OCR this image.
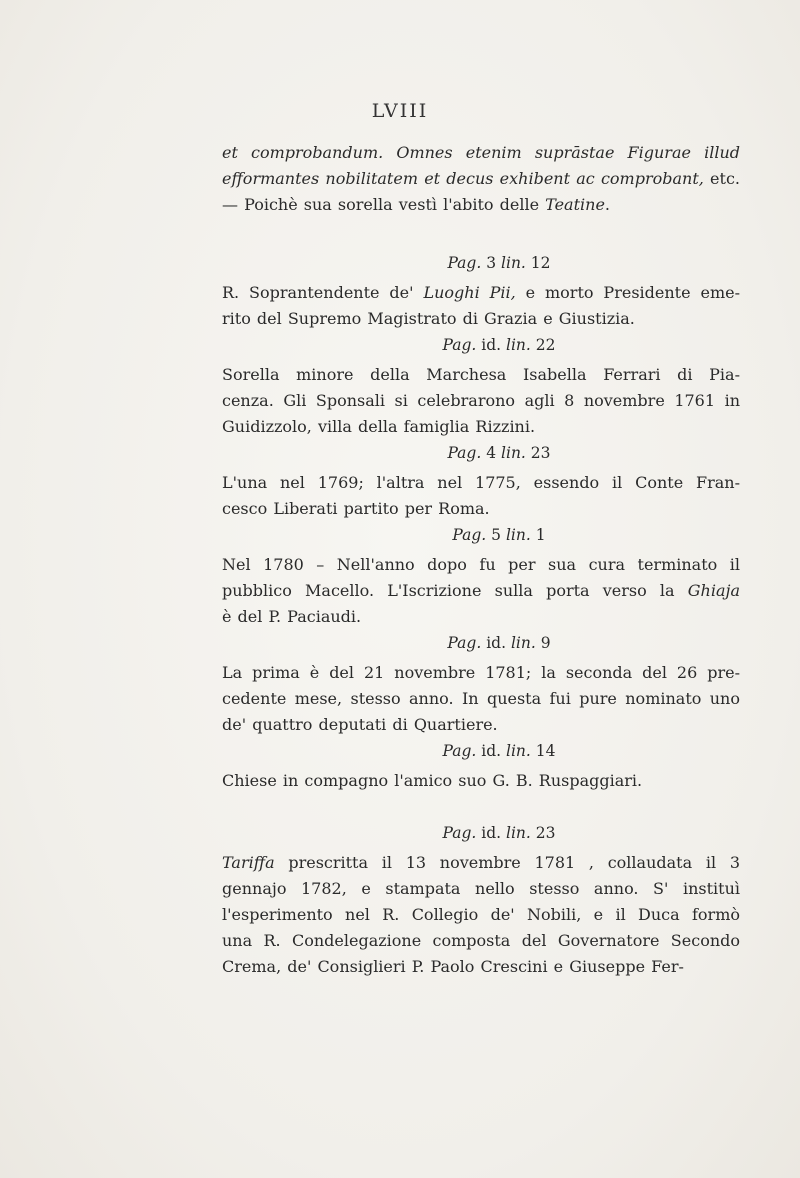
LVIII

et comprobandum. Omnes etenim suprāstae Figurae illud
efformantes nobilitatem et decus exhibent ac comprobant, etc.
— Poichè sua sorella vestì l'abito delle Teatine.

Pag. 3 lin. 12

R. Soprantendente de' Luoghi Pii, e morto Presidente eme-
rito del Supremo Magistrato di Grazia e Giustizia.

Pag. id. lin. 22

Sorella minore della Marchesa Isabella Ferrari di Pia-
cenza. Gli Sponsali si celebrarono agli 8 novembre 1761 in
Guidizzolo, villa della famiglia Rizzini.

Pag. 4 lin. 23

L'una nel 1769; l'altra nel 1775, essendo il Conte Fran-
cesco Liberati partito per Roma.

Pag. 5 lin. 1

Nel 1780 – Nell'anno dopo fu per sua cura terminato il
pubblico Macello. L'Iscrizione sulla porta verso la Ghiaja
è del P. Paciaudi.

Pag. id. lin. 9

La prima è del 21 novembre 1781; la seconda del 26 pre-
cedente mese, stesso anno. In questa fui pure nominato uno
de' quattro deputati di Quartiere.

Pag. id. lin. 14

Chiese in compagno l'amico suo G. B. Ruspaggiari.

Pag. id. lin. 23

Tariffa prescritta il 13 novembre 1781 , collaudata il 3
gennajo 1782, e stampata nello stesso anno. S' instituì
l'esperimento nel R. Collegio de' Nobili, e il Duca formò
una R. Condelegazione composta del Governatore Secondo
Crema, de' Consiglieri P. Paolo Crescini e Giuseppe Fer-
